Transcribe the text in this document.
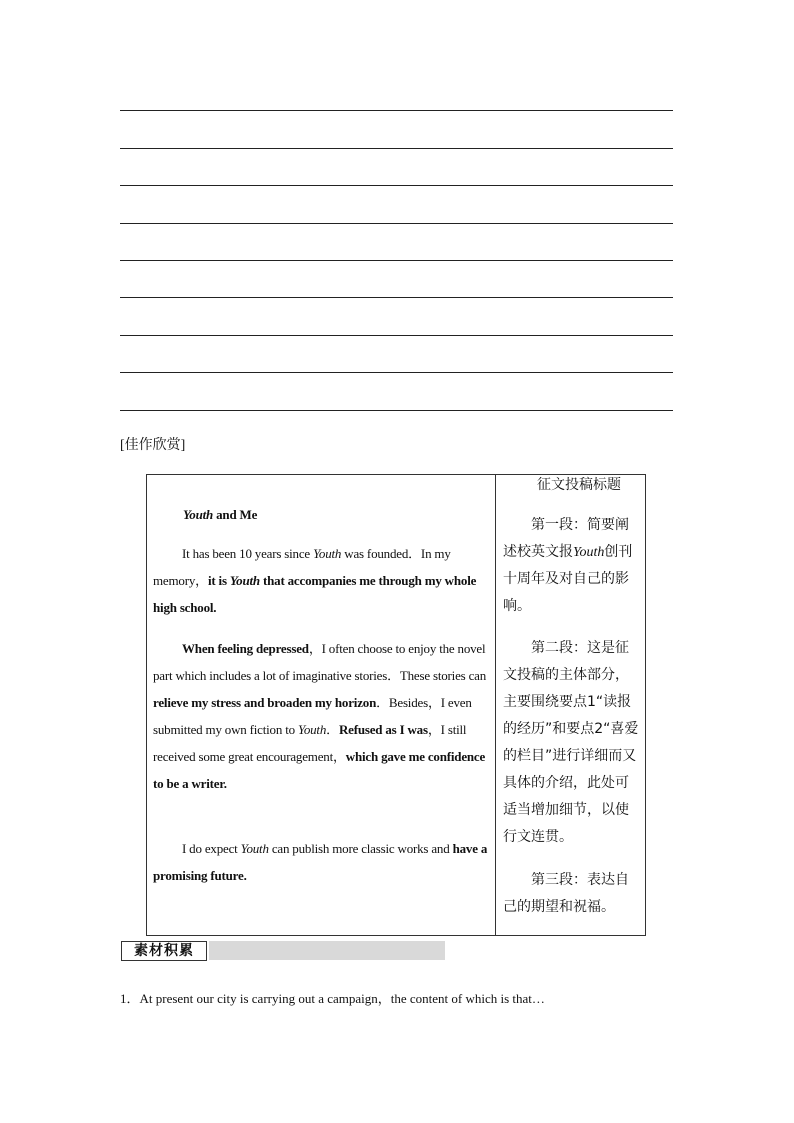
[佳作欣赏]
Youth and Me

It has been 10 years since Youth was founded．In my memory，it is Youth that accompanies me through my whole high school.

When feeling depressed，I often choose to enjoy the novel part which includes a lot of imaginative stories．These stories can relieve my stress and broaden my horizon．Besides，I even submitted my own fiction to Youth．Refused as I was，I still received some great encouragement，which gave me confidence to be a writer.

I do expect Youth can publish more classic works and have a promising future.

征文投稿标题
第一段：简要阐述校英文报Youth创刊十周年及对自己的影响。
第二段：这是征文投稿的主体部分，主要围绕要点1“读报的经历”和要点2“喜爱的栏目”进行详细而又具体的介绍，此处可适当增加细节，以使行文连贯。
第三段：表达自己的期望和祝福。
素材积累
1．At present our city is carrying out a campaign，the content of which is that…
